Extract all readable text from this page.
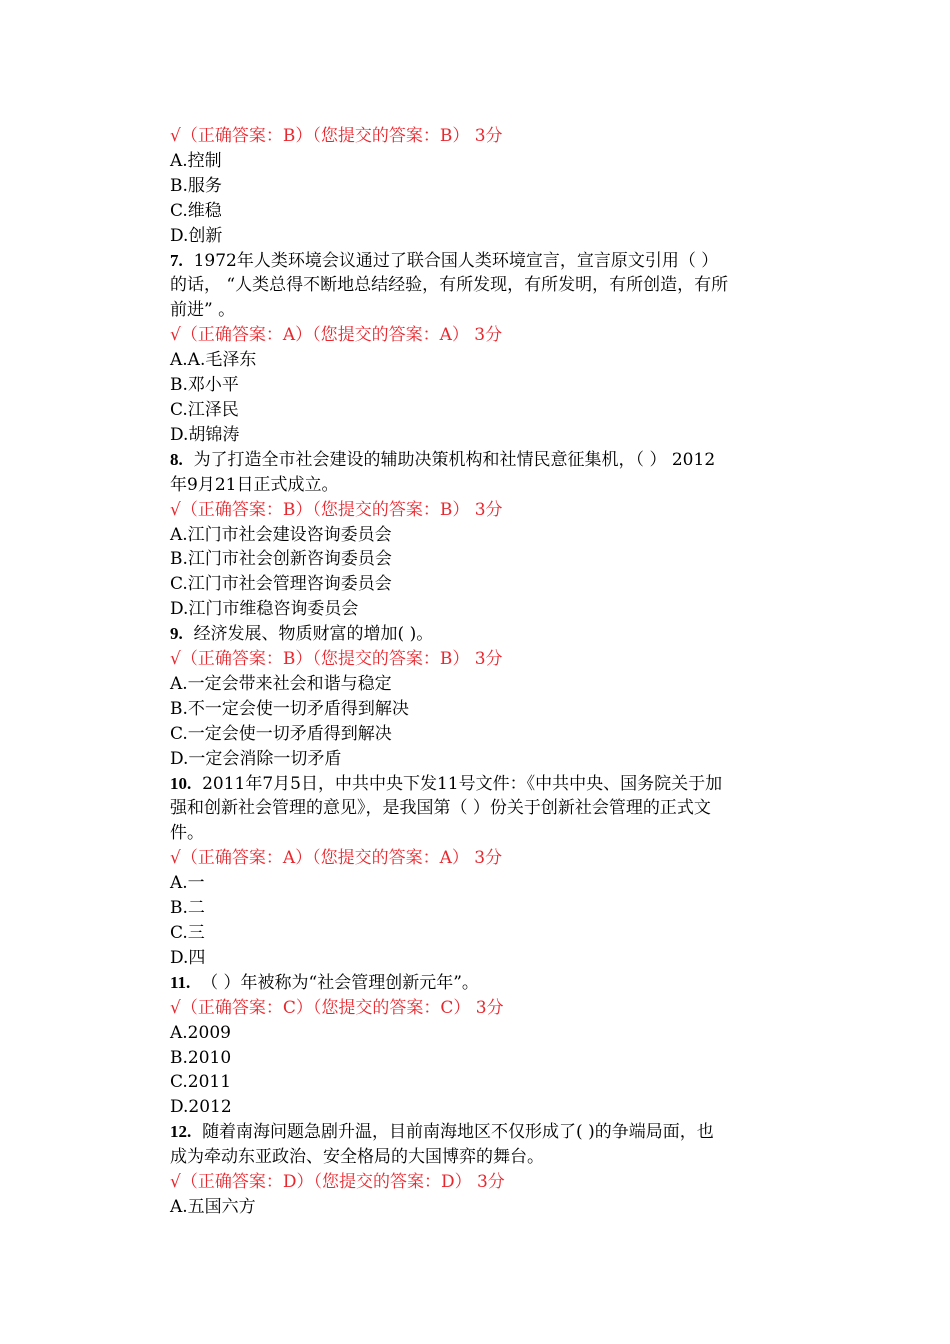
√（正确答案：B）（您提交的答案：B） 3分
A.控制
B.服务
C.维稳
D.创新
7. 1972年人类环境会议通过了联合国人类环境宣言，宣言原文引用（ ）
的话， “人类总得不断地总结经验，有所发现，有所发明，有所创造，有所
前进” 。
√（正确答案：A）（您提交的答案：A） 3分
A.A.毛泽东
B.邓小平
C.江泽民
D.胡锦涛
8. 为了打造全市社会建设的辅助决策机构和社情民意征集机，（ ） 2012
年9月21日正式成立。
√（正确答案：B）（您提交的答案：B） 3分
A.江门市社会建设咨询委员会
B.江门市社会创新咨询委员会
C.江门市社会管理咨询委员会
D.江门市维稳咨询委员会
9. 经济发展、物质财富的增加( )。
√（正确答案：B）（您提交的答案：B） 3分
A.一定会带来社会和谐与稳定
B.不一定会使一切矛盾得到解决
C.一定会使一切矛盾得到解决
D.一定会消除一切矛盾
10. 2011年7月5日，中共中央下发11号文件：《中共中央、国务院关于加
强和创新社会管理的意见》，是我国第（ ）份关于创新社会管理的正式文
件。
√（正确答案：A）（您提交的答案：A） 3分
A.一
B.二
C.三
D.四
11. （ ）年被称为“社会管理创新元年”。
√（正确答案：C）（您提交的答案：C） 3分
A.2009
B.2010
C.2011
D.2012
12. 随着南海问题急剧升温，目前南海地区不仅形成了( )的争端局面，也
成为牵动东亚政治、安全格局的大国博弈的舞台。
√（正确答案：D）（您提交的答案：D） 3分
A.五国六方
